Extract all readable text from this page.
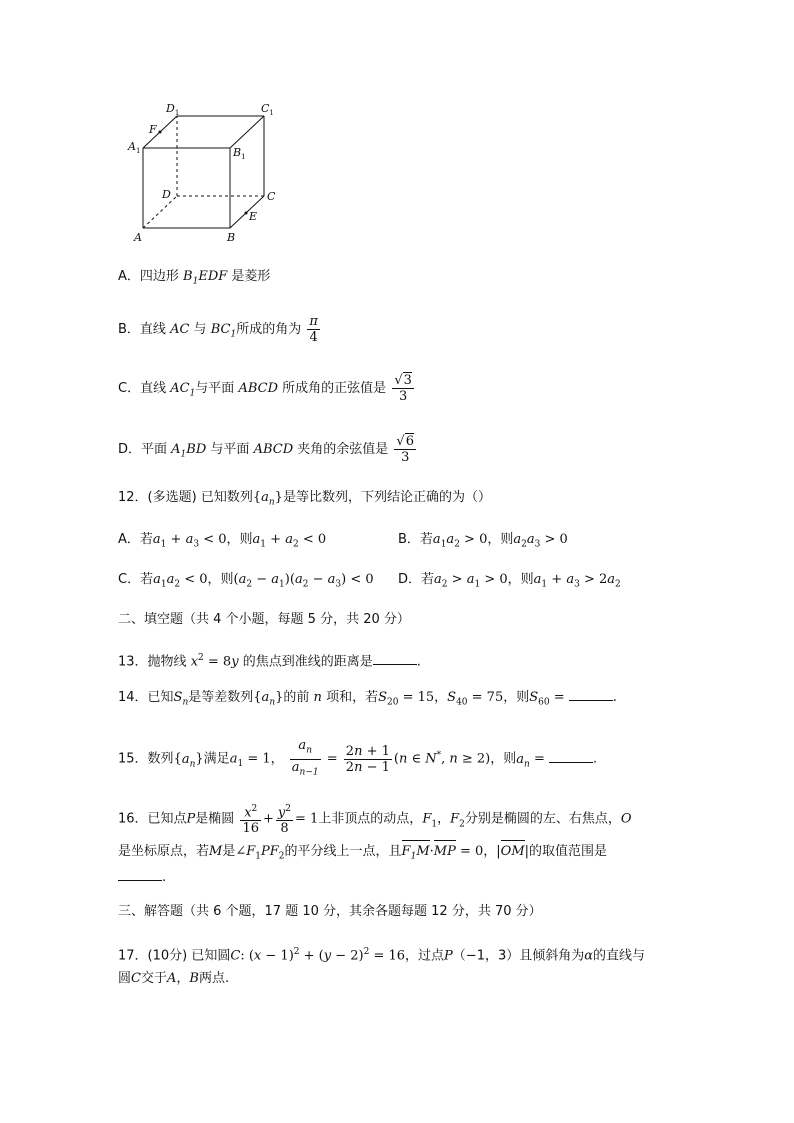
$D_1$	$C_1$
$A_1$	$B_1$
F
D	C
A	B
E
A．四边形 $B_1EDF$ 是菱形
B．直线 AC 与 $BC_1$所成的角为 $\frac{\pi}{4}$
C．直线 $AC_1$与平面 ABCD 所成角的正弦值是 $\frac{√3}{3}$
D．平面 $A_1BD$ 与平面 ABCD 夹角的余弦值是 $\frac{√6}{3}$
12．(多选题) 已知数列$\{a_n\}$是等比数列，下列结论正确的为（）
A．若$a_1 + a_3 < 0$，则$a_1 + a_2 < 0$	B．若$a_1a_2 > 0$，则$a_2a_3 > 0$
C．若$a_1a_2 < 0$，则$(a_2 - a_1)(a_2 - a_3) < 0$ D．若$a_2 > a_1 > 0$，则$a_1 + a_3 > 2a_2$
二、填空题（共 4 个小题，每题 5 分，共 20 分）
13．抛物线 $x^2 = 8y$ 的焦点到准线的距离是	.
14．已知$S_n$是等差数列$\{a_n\}$的前 n 项和，若$S_{20} = 15$，$S_{40} = 75$，则$S_{60}$ =	.
15．数列$\{a_n\}$满足$a_1 = 1$， $\frac{a_n}{a_{n-1}} = \frac{2n + 1}{2n - 1} (n$ ∈ N*, n ≥ 2)，则$a_n$ =	.
16．已知点P是椭圆 $\frac{x^2}{16} + \frac{y^2}{8} = 1$上非顶点的动点，$F_1$，$F_2$分别是椭圆的左、右焦点，O
是坐标原点，若M是$\angle F_1PF_2$的平分线上一点，且$F_1M\cdot MP = 0$，|OM|的取值范围是
.
三、解答题（共 6 个题，17 题 10 分，其余各题每题 12 分，共 70 分）
17．(10分) 已知圆C: $(x - 1)^2 + (y - 2)^2 = 16$，过点P（−1，3）且倾斜角为α的直线与
圆C交于A，B两点.
